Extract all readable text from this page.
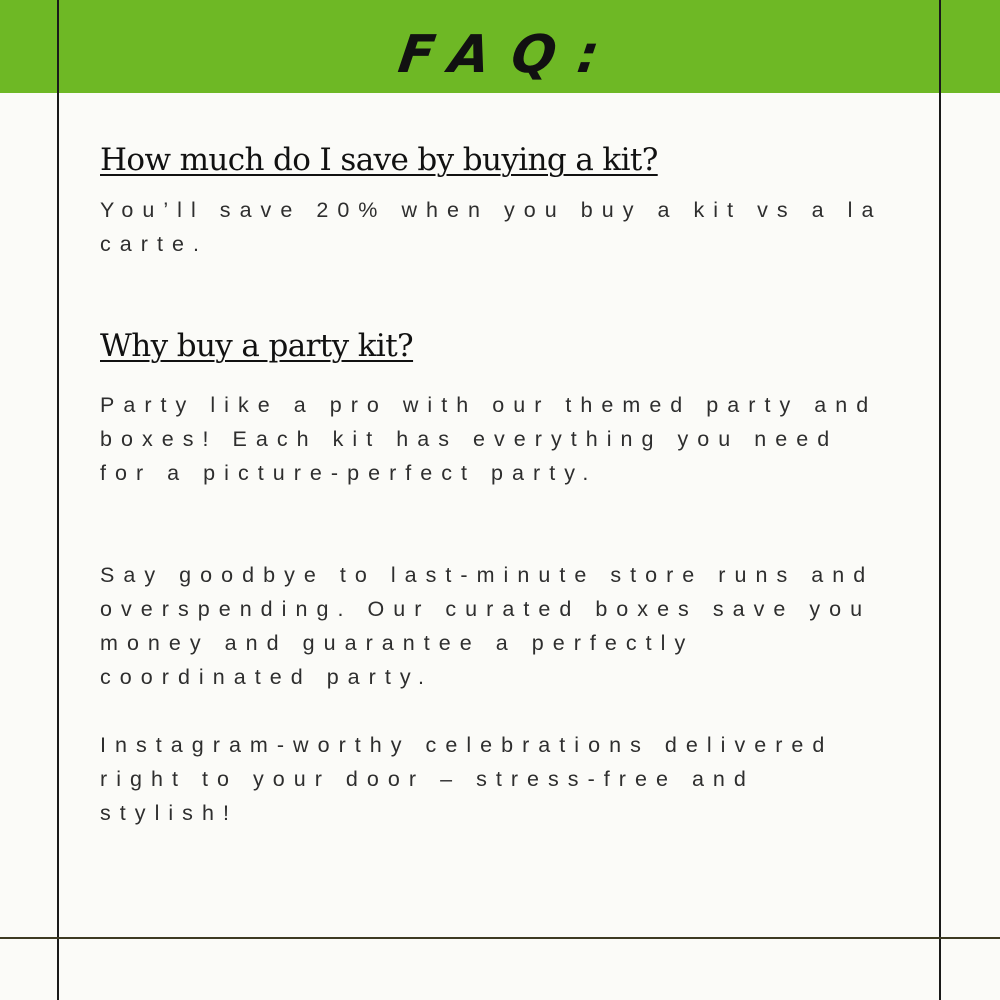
FAQ:
How much do I save by buying a kit?

You’ll save 20% when you buy a kit vs a la carte.

Why buy a party kit?

Party like a pro with our themed party and boxes! Each kit has everything you need for a picture-perfect party.

Say goodbye to last-minute store runs and overspending. Our curated boxes save you money and guarantee a perfectly coordinated party.

Instagram-worthy celebrations delivered right to your door – stress-free and stylish!
